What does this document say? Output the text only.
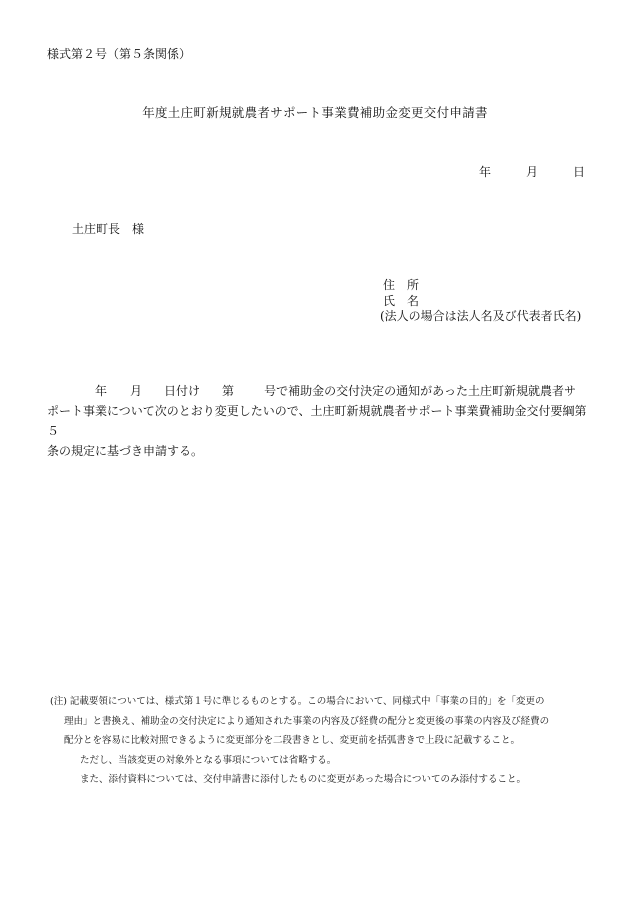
様式第２号（第５条関係）
年度土庄町新規就農者サポート事業費補助金変更交付申請書
年	月	日
土庄町長 様
住　所
氏　名
(法人の場合は法人名及び代表者氏名)

年 月 日付け 第	号で補助金の交付決定の通知があった土庄町新規就農者サ

ポート事業について次のとおり変更したいので、土庄町新規就農者サポート事業費補助金交付要綱第５

条の規定に基づき申請する。

(注) 記載要領については、様式第１号に準じるものとする。この場合において、同様式中「事業の目的」を「変更の

理由」と書換え、補助金の交付決定により通知された事業の内容及び経費の配分と変更後の事業の内容及び経費の

配分とを容易に比較対照できるように変更部分を二段書きとし、変更前を括弧書きで上段に記載すること。

ただし、当該変更の対象外となる事項については省略する。

また、添付資料については、交付申請書に添付したものに変更があった場合についてのみ添付すること。
